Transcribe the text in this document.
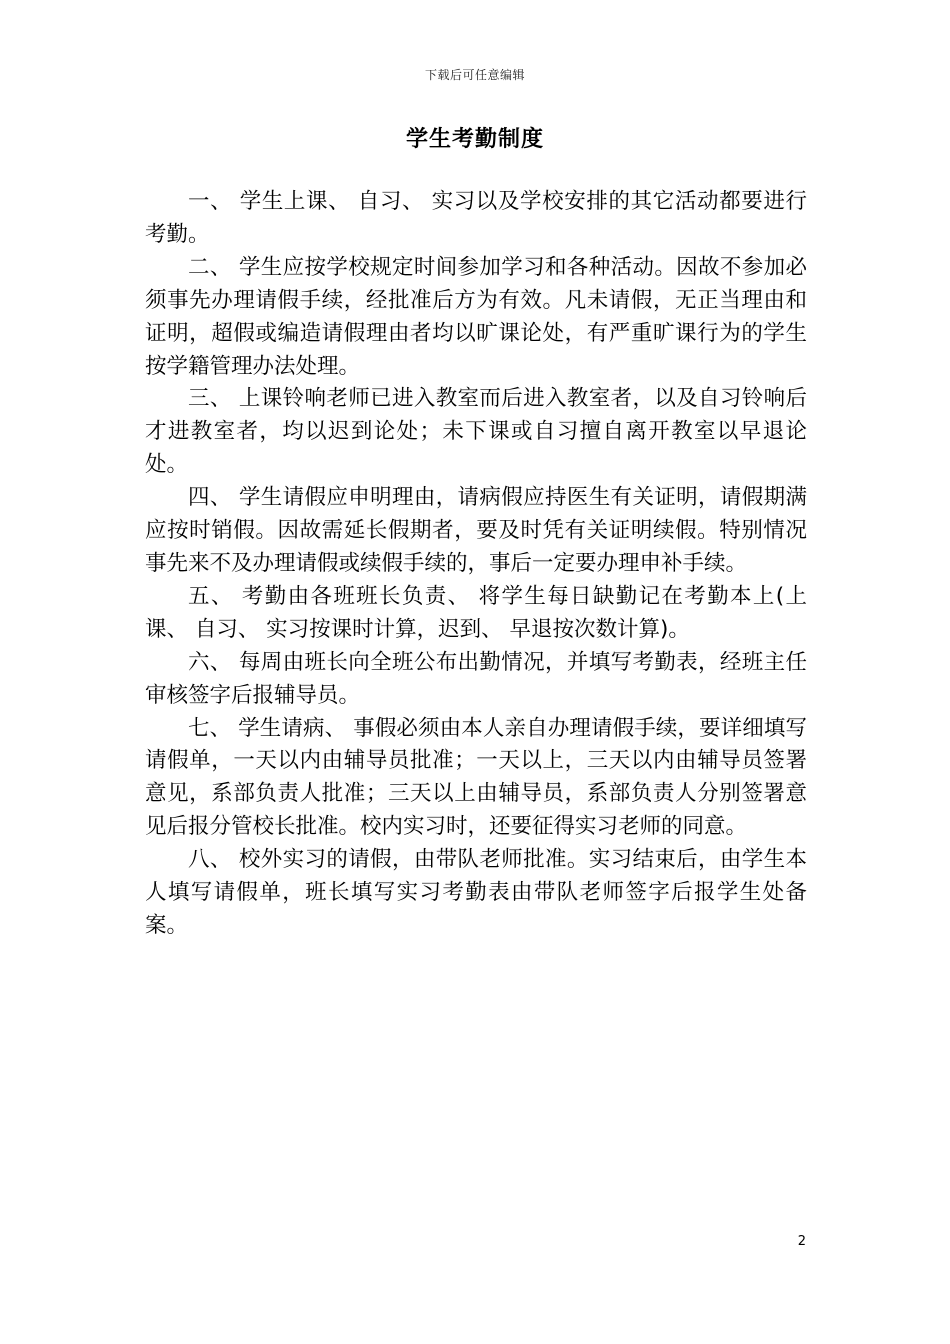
下载后可任意编辑
学生考勤制度

一、 学生上课、 自习、 实习以及学校安排的其它活动都要进行考勤。

二、 学生应按学校规定时间参加学习和各种活动。因故不参加必须事先办理请假手续，经批准后方为有效。凡未请假，无正当理由和证明，超假或编造请假理由者均以旷课论处，有严重旷课行为的学生按学籍管理办法处理。

三、 上课铃响老师已进入教室而后进入教室者，以及自习铃响后才进教室者，均以迟到论处；未下课或自习擅自离开教室以早退论处。

四、 学生请假应申明理由，请病假应持医生有关证明，请假期满应按时销假。因故需延长假期者，要及时凭有关证明续假。特别情况事先来不及办理请假或续假手续的，事后一定要办理申补手续。

五、 考勤由各班班长负责、 将学生每日缺勤记在考勤本上(上课、 自习、 实习按课时计算，迟到、 早退按次数计算)。

六、 每周由班长向全班公布出勤情况，并填写考勤表，经班主任审核签字后报辅导员。

七、 学生请病、 事假必须由本人亲自办理请假手续，要详细填写请假单，一天以内由辅导员批准；一天以上，三天以内由辅导员签署意见，系部负责人批准；三天以上由辅导员，系部负责人分别签署意见后报分管校长批准。校内实习时，还要征得实习老师的同意。

八、 校外实习的请假，由带队老师批准。实习结束后，由学生本人填写请假单，班长填写实习考勤表由带队老师签字后报学生处备案。

2
